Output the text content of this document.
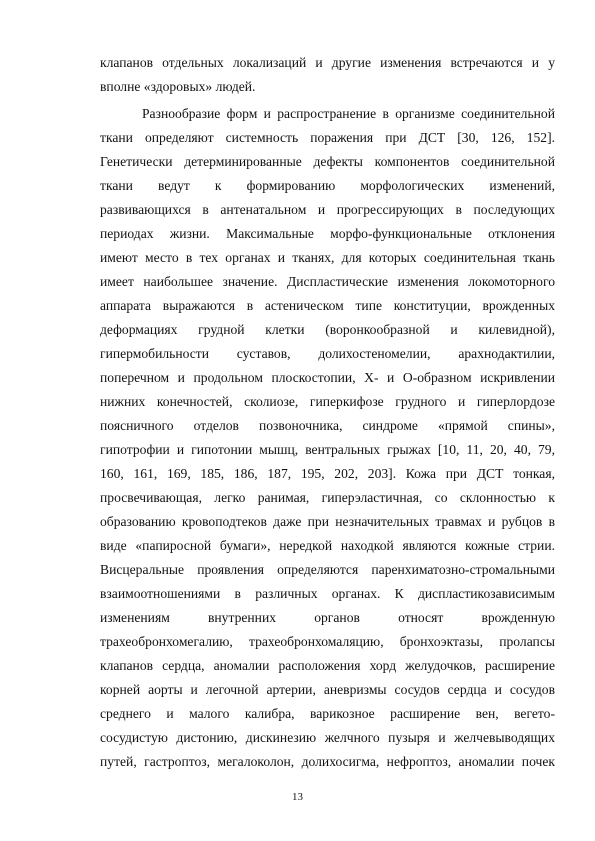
клапанов отдельных локализаций и другие изменения встречаются и у
вполне «здоровых» людей.
Разнообразие форм и распространение в организме соединительной
ткани определяют системность поражения при ДСТ [30, 126, 152].
Генетически детерминированные дефекты компонентов соединительной
ткани ведут к формированию морфологических изменений,
развивающихся в антенатальном и прогрессирующих в последующих
периодах жизни. Максимальные морфо-функциональные отклонения
имеют место в тех органах и тканях, для которых соединительная ткань
имеет наибольшее значение. Диспластические изменения локомоторного
аппарата выражаются в астеническом типе конституции, врожденных
деформациях грудной клетки (воронкообразной и килевидной),
гипермобильности суставов, долихостеномелии, арахнодактилии,
поперечном и продольном плоскостопии, Х- и О-образном искривлении
нижних конечностей, сколиозе, гиперкифозе грудного и гиперлордозе
поясничного отделов позвоночника, синдроме «прямой спины»,
гипотрофии и гипотонии мышц, вентральных грыжах [10, 11, 20, 40, 79,
160, 161, 169, 185, 186, 187, 195, 202, 203]. Кожа при ДСТ тонкая,
просвечивающая, легко ранимая, гиперэластичная, со склонностью к
образованию кровоподтеков даже при незначительных травмах и рубцов в
виде «папиросной бумаги», нередкой находкой являются кожные стрии.
Висцеральные проявления определяются паренхиматозно-стромальными
взаимоотношениями в различных органах. К диспластикозависимым
изменениям внутренних органов относят врожденную
трахеобронхомегалию, трахеобронхомаляцию, бронхоэктазы, пролапсы
клапанов сердца, аномалии расположения хорд желудочков, расширение
корней аорты и легочной артерии, аневризмы сосудов сердца и сосудов
среднего и малого калибра, варикозное расширение вен, вегето-
сосудистую дистонию, дискинезию желчного пузыря и желчевыводящих
путей, гастроптоз, мегалоколон, долихосигма, нефроптоз, аномалии почек
13
